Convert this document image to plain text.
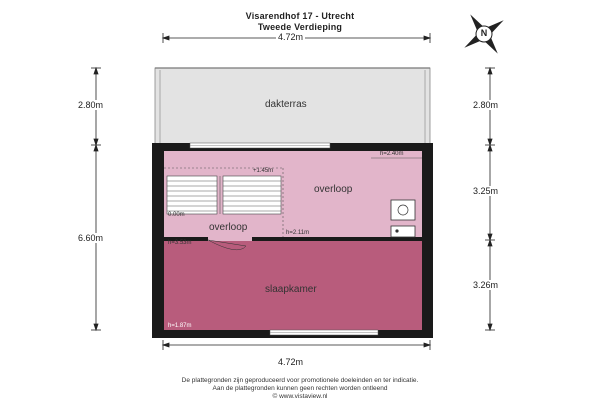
Visarendhof 17 - Utrecht
Tweede Verdieping
N
4.72m
4.72m
2.80m
6.60m
2.80m
3.25m
3.26m
dakterras
overloop
overloop
slaapkamer
+1.45m
0.00m
h=2.40m
h=2.11m
h=3.53m
h=1.87m
De plattegronden zijn geproduceerd voor promotionele doeleinden en ter indicatie.
Aan de plattegronden kunnen geen rechten worden ontleend
© www.vistaview.nl
